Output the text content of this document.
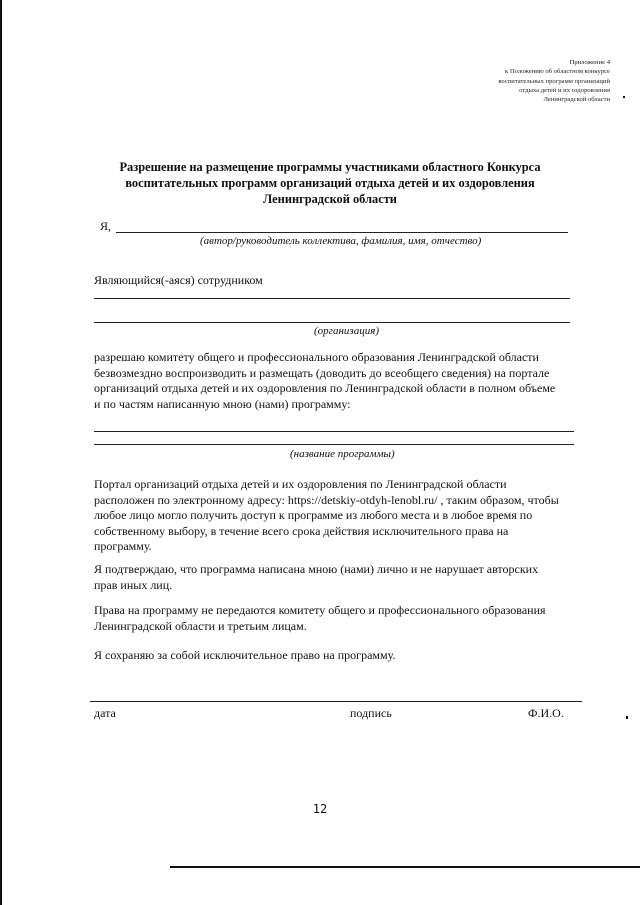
Приложение 4
к Положению об областном конкурсе
воспитательных программ организаций
отдыха детей и их оздоровления
Ленинградской области
Разрешение на размещение программы участниками областного Конкурса
воспитательных программ организаций отдыха детей и их оздоровления
Ленинградской области
Я,
(автор/руководитель коллектива, фамилия, имя, отчество)
Являющийся(-аяся) сотрудником
(организация)
разрешаю комитету общего и профессионального образования Ленинградской области
безвозмездно воспроизводить и размещать (доводить до всеобщего сведения) на портале
организаций отдыха детей и их оздоровления по Ленинградской области в полном объеме
и по частям написанную мною (нами) программу:
(название программы)
Портал организаций отдыха детей и их оздоровления по Ленинградской области
расположен по электронному адресу: https://detskiy-otdyh-lenobl.ru/ , таким образом, чтобы
любое лицо могло получить доступ к программе из любого места и в любое время по
собственному выбору, в течение всего срока действия исключительного права на
программу.
Я подтверждаю, что программа написана мною (нами) лично и не нарушает авторских
прав иных лиц.
Права на программу не передаются комитету общего и профессионального образования
Ленинградской области и третьим лицам.
Я сохраняю за собой исключительное право на программу.
дата	подпись	Ф.И.О.
12
